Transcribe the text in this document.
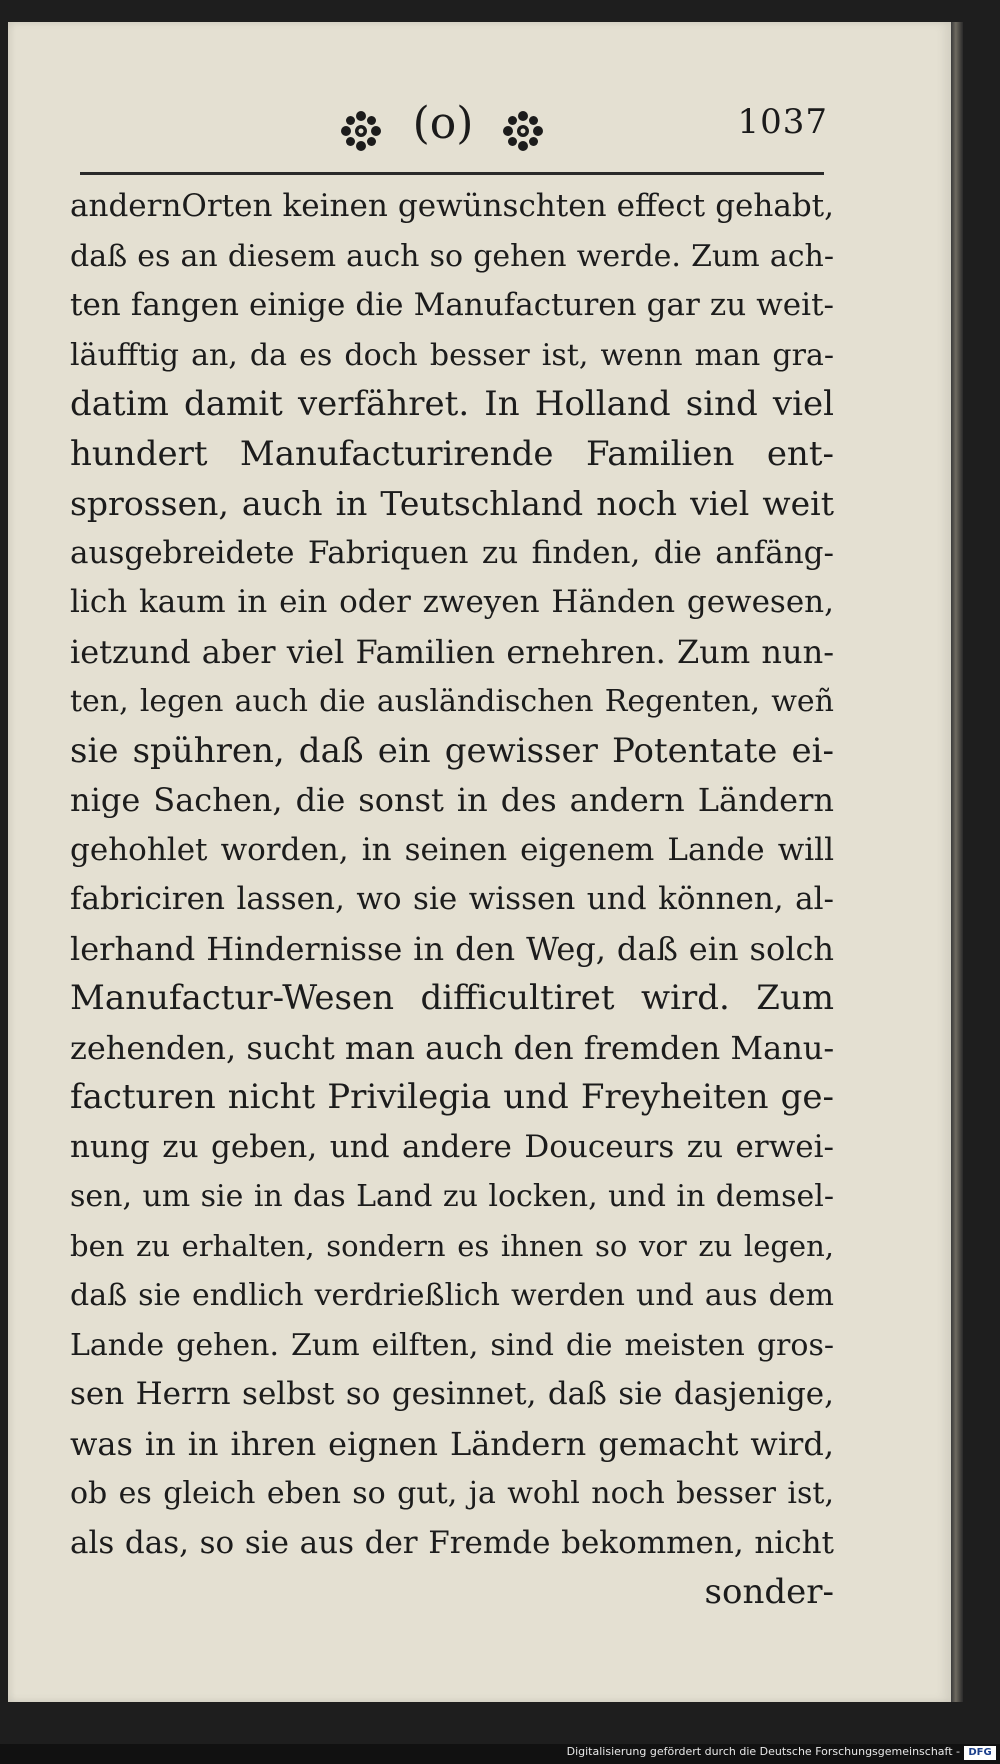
(o)	1037
andernOrten keinen gewünschten effect gehabt,
daß es an diesem auch so gehen werde. Zum ach-
ten fangen einige die Manufacturen gar zu weit-
läufftig an, da es doch besser ist, wenn man gra-
datim damit verfähret. In Holland sind viel
hundert Manufacturirende Familien ent-
sprossen, auch in Teutschland noch viel weit
ausgebreidete Fabriquen zu finden, die anfäng-
lich kaum in ein oder zweyen Händen gewesen,
ietzund aber viel Familien ernehren. Zum nun-
ten, legen auch die ausländischen Regenten, weñ
sie spühren, daß ein gewisser Potentate ei-
nige Sachen, die sonst in des andern Ländern
gehohlet worden, in seinen eigenem Lande will
fabriciren lassen, wo sie wissen und können, al-
lerhand Hindernisse in den Weg, daß ein solch
Manufactur-Wesen difficultiret wird. Zum
zehenden, sucht man auch den fremden Manu-
facturen nicht Privilegia und Freyheiten ge-
nung zu geben, und andere Douceurs zu erwei-
sen, um sie in das Land zu locken, und in demsel-
ben zu erhalten, sondern es ihnen so vor zu legen,
daß sie endlich verdrießlich werden und aus dem
Lande gehen. Zum eilften, sind die meisten gros-
sen Herrn selbst so gesinnet, daß sie dasjenige,
was in in ihren eignen Ländern gemacht wird,
ob es gleich eben so gut, ja wohl noch besser ist,
als das, so sie aus der Fremde bekommen, nicht
sonder-
Digitalisierung gefördert durch die Deutsche Forschungsgemeinschaft - DFG
